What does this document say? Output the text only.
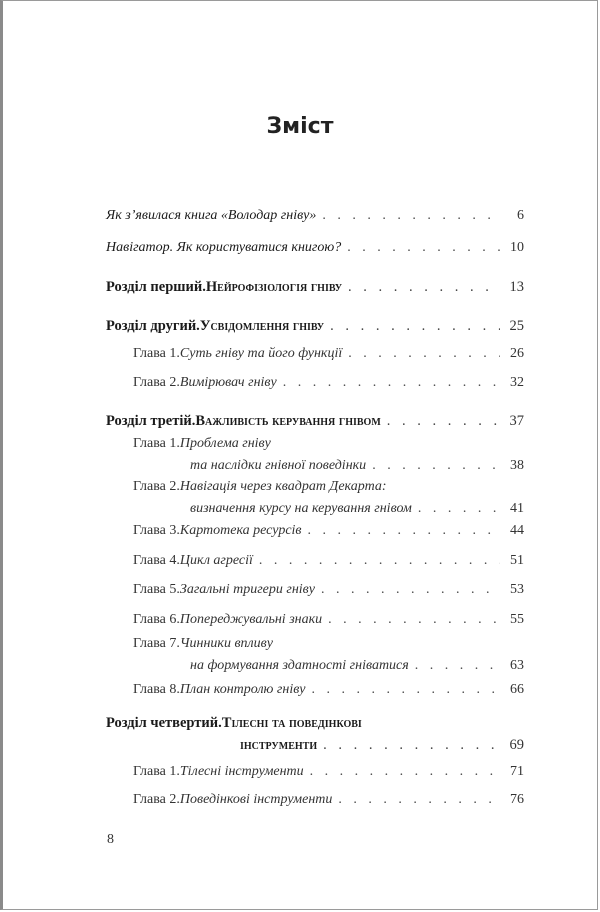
Зміст
Як з’явилася книга «Володар гніву» . . .	6
Навігатор. Як користуватися книгою? . . .	10
Розділ перший. Нейрофізіологія гніву . . .	13
Розділ другий. Усвідомлення гніву . . .	25
Глава 1. Суть гніву та його функції . . .	26
Глава 2. Вимірювач гніву . . .	32
Розділ третій. Важливість керування гнівом . . .	37
Глава 1. Проблема гніву
та наслідки гнівної поведінки . . .	38
Глава 2. Навігація через квадрат Декарта:
визначення курсу на керування гнівом . . .	41
Глава 3. Картотека ресурсів . . .	44
Глава 4. Цикл агресії . . .	51
Глава 5. Загальні тригери гніву . . .	53
Глава 6. Попереджувальні знаки . . .	55
Глава 7. Чинники впливу
на формування здатності гніватися . . .	63
Глава 8. План контролю гніву . . .	66
Розділ четвертий. Тілесні та поведінкові
інструменти . . .	69
Глава 1. Тілесні інструменти . . .	71
Глава 2. Поведінкові інструменти . . .	76
8
